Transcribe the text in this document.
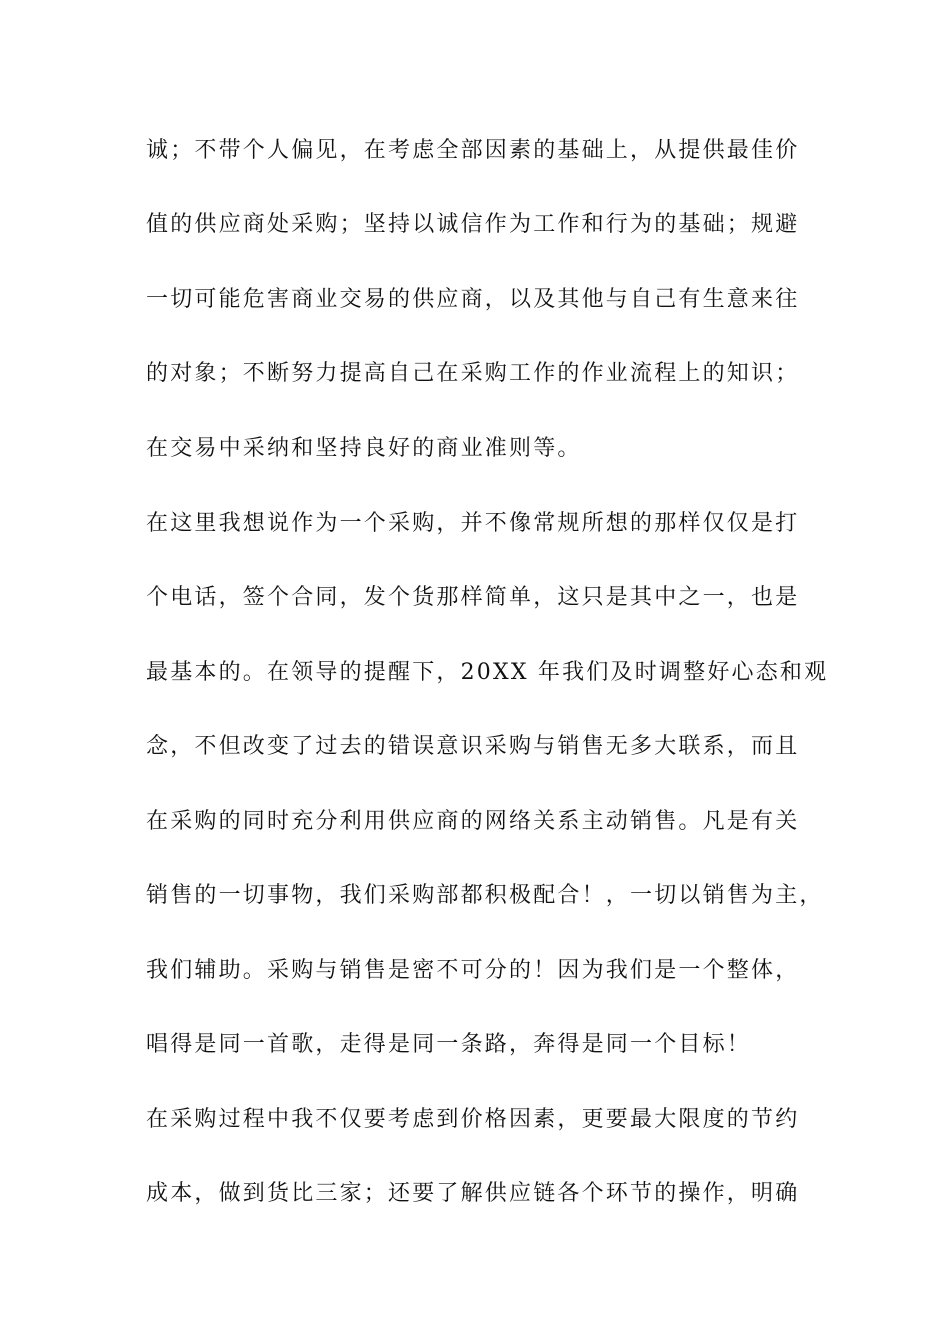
诚；不带个人偏见，在考虑全部因素的基础上，从提供最佳价
值的供应商处采购；坚持以诚信作为工作和行为的基础；规避
一切可能危害商业交易的供应商，以及其他与自己有生意来往
的对象；不断努力提高自己在采购工作的作业流程上的知识；
在交易中采纳和坚持良好的商业准则等。
在这里我想说作为一个采购，并不像常规所想的那样仅仅是打
个电话，签个合同，发个货那样简单，这只是其中之一，也是
最基本的。在领导的提醒下，20XX 年我们及时调整好心态和观
念，不但改变了过去的错误意识采购与销售无多大联系，而且
在采购的同时充分利用供应商的网络关系主动销售。凡是有关
销售的一切事物，我们采购部都积极配合！，一切以销售为主，
我们辅助。采购与销售是密不可分的！因为我们是一个整体，
唱得是同一首歌，走得是同一条路，奔得是同一个目标！
在采购过程中我不仅要考虑到价格因素，更要最大限度的节约
成本，做到货比三家；还要了解供应链各个环节的操作，明确
